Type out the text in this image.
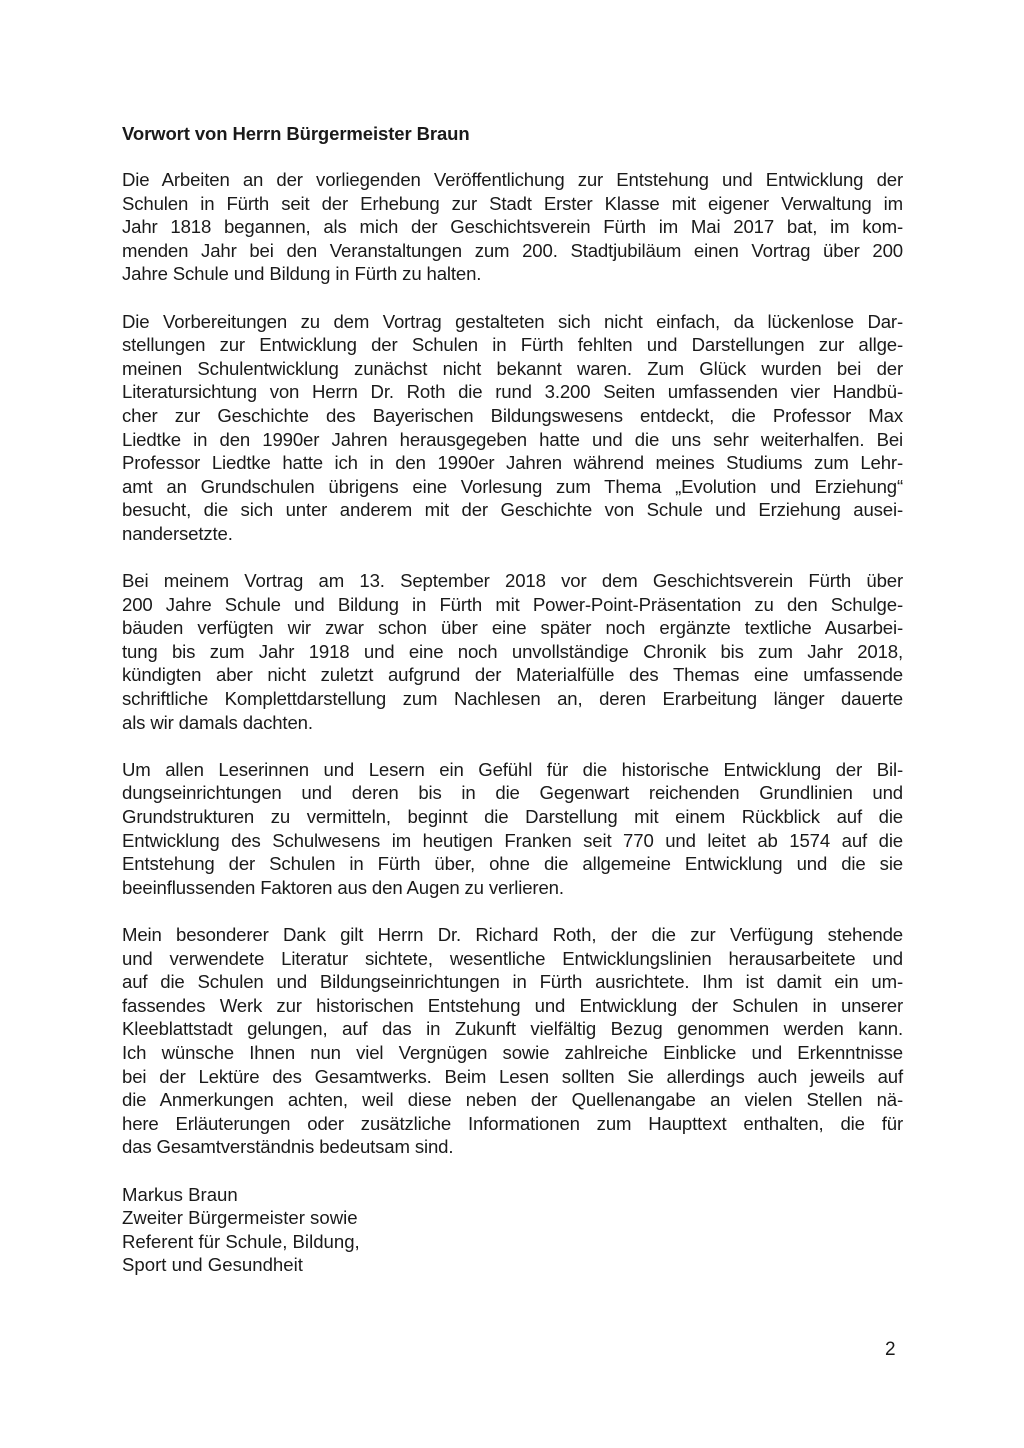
Vorwort von Herrn Bürgermeister Braun
Die Arbeiten an der vorliegenden Veröffentlichung zur Entstehung und Entwicklung der
Schulen in Fürth seit der Erhebung zur Stadt Erster Klasse mit eigener Verwaltung im
Jahr 1818 begannen, als mich der Geschichtsverein Fürth im Mai 2017 bat, im kom-
menden Jahr bei den Veranstaltungen zum 200. Stadtjubiläum einen Vortrag über 200
Jahre Schule und Bildung in Fürth zu halten.
Die Vorbereitungen zu dem Vortrag gestalteten sich nicht einfach, da lückenlose Dar-
stellungen zur Entwicklung der Schulen in Fürth fehlten und Darstellungen zur allge-
meinen Schulentwicklung zunächst nicht bekannt waren. Zum Glück wurden bei der
Literatursichtung von Herrn Dr. Roth die rund 3.200 Seiten umfassenden vier Handbü-
cher zur Geschichte des Bayerischen Bildungswesens entdeckt, die Professor Max
Liedtke in den 1990er Jahren herausgegeben hatte und die uns sehr weiterhalfen. Bei
Professor Liedtke hatte ich in den 1990er Jahren während meines Studiums zum Lehr-
amt an Grundschulen übrigens eine Vorlesung zum Thema „Evolution und Erziehung“
besucht, die sich unter anderem mit der Geschichte von Schule und Erziehung ausei-
nandersetzte.
Bei meinem Vortrag am 13. September 2018 vor dem Geschichtsverein Fürth über
200 Jahre Schule und Bildung in Fürth mit Power-Point-Präsentation zu den Schulge-
bäuden verfügten wir zwar schon über eine später noch ergänzte textliche Ausarbei-
tung bis zum Jahr 1918 und eine noch unvollständige Chronik bis zum Jahr 2018,
kündigten aber nicht zuletzt aufgrund der Materialfülle des Themas eine umfassende
schriftliche Komplettdarstellung zum Nachlesen an, deren Erarbeitung länger dauerte
als wir damals dachten.
Um allen Leserinnen und Lesern ein Gefühl für die historische Entwicklung der Bil-
dungseinrichtungen und deren bis in die Gegenwart reichenden Grundlinien und
Grundstrukturen zu vermitteln, beginnt die Darstellung mit einem Rückblick auf die
Entwicklung des Schulwesens im heutigen Franken seit 770 und leitet ab 1574 auf die
Entstehung der Schulen in Fürth über, ohne die allgemeine Entwicklung und die sie
beeinflussenden Faktoren aus den Augen zu verlieren.
Mein besonderer Dank gilt Herrn Dr. Richard Roth, der die zur Verfügung stehende
und verwendete Literatur sichtete, wesentliche Entwicklungslinien herausarbeitete und
auf die Schulen und Bildungseinrichtungen in Fürth ausrichtete. Ihm ist damit ein um-
fassendes Werk zur historischen Entstehung und Entwicklung der Schulen in unserer
Kleeblattstadt gelungen, auf das in Zukunft vielfältig Bezug genommen werden kann.
Ich wünsche Ihnen nun viel Vergnügen sowie zahlreiche Einblicke und Erkenntnisse
bei der Lektüre des Gesamtwerks. Beim Lesen sollten Sie allerdings auch jeweils auf
die Anmerkungen achten, weil diese neben der Quellenangabe an vielen Stellen nä-
here Erläuterungen oder zusätzliche Informationen zum Haupttext enthalten, die für
das Gesamtverständnis bedeutsam sind.
Markus Braun
Zweiter Bürgermeister sowie
Referent für Schule, Bildung,
Sport und Gesundheit
2
